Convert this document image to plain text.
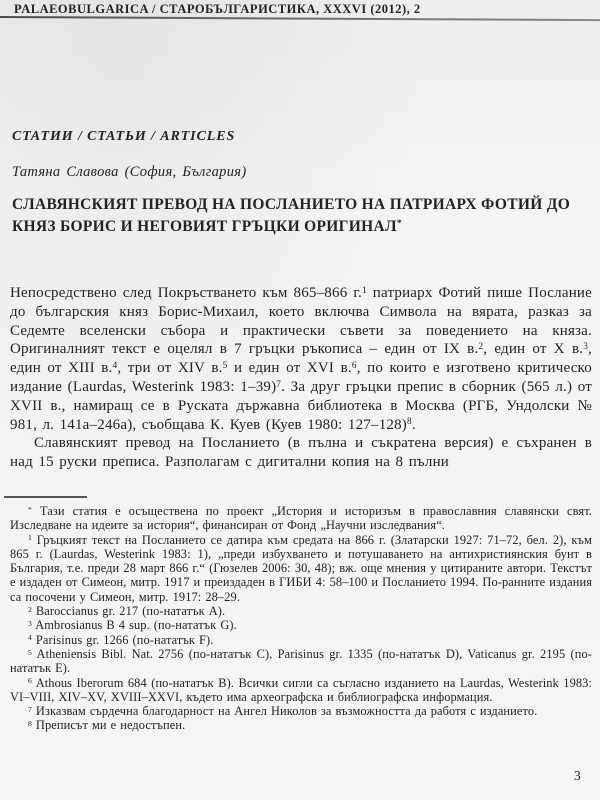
PALAEOBULGARICA / СТАРОБЪЛГАРИСТИКА, XXXVI (2012), 2
СТАТИИ / СТАТЬИ / ARTICLES
Татяна Славова (София, България)
СЛАВЯНСКИЯТ ПРЕВОД НА ПОСЛАНИЕТО НА ПАТРИАРХ ФОТИЙ ДО КНЯЗ БОРИС И НЕГОВИЯТ ГРЪЦКИ ОРИГИНАЛ*

Непосредствено след Покръстването към 865–866 г.$^1$ патриарх Фотий пише Послание до българския княз Борис-Михаил, което включва Символа на вярата, разказ за Седемте вселенски събора и практически съвети за поведението на княза. Оригиналният текст е оцелял в 7 гръцки ръкописа – един от IX в.$^2$, един от X в.$^3$, един от XIII в.$^4$, три от XIV в.$^5$ и един от XVI в.$^6$, по които е изготвено критическо издание (Laurdas, Westerink 1983: 1–39)$^7$. За друг гръцки препис в сборник (565 л.) от XVII в., намиращ се в Руската държавна библиотека в Москва (РГБ, Ундолски № 981, л. 141а–246а), съобщава К. Куев (Куев 1980: 127–128)$^8$.

Славянският превод на Посланието (в пълна и съкратена версия) е съхранен в над 15 руски преписа. Разполагам с дигитални копия на 8 пълни

* Тази статия е осъществена по проект „История и историзъм в православния славянски свят. Изследване на идеите за история“, финансиран от Фонд „Научни изследвания“.
$^1$ Гръцкият текст на Посланието се датира към средата на 866 г. (Златарски 1927: 71–72, бел. 2), към 865 г. (Laurdas, Westerink 1983: 1), „преди избухването и потушаването на антихристиянския бунт в България, т.е. преди 28 март 866 г.“ (Гюзелев 2006: 30, 48); вж. още мнения у цитираните автори. Текстът е издаден от Симеон, митр. 1917 и преиздаден в ГИБИ 4: 58–100 и Посланието 1994. По-ранните издания са посочени у Симеон, митр. 1917: 28–29.
$^2$ Baroccianus gr. 217 (по-нататък A).
$^3$ Ambrosianus B 4 sup. (по-нататък G).
$^4$ Parisinus gr. 1266 (по-нататък F).
$^5$ Atheniensis Bibl. Nat. 2756 (по-нататък C), Parisinus gr. 1335 (по-нататък D), Vaticanus gr. 2195 (по-нататък E).
$^6$ Athous Iberorum 684 (по-нататък B). Всички сигли са съгласно изданието на Laurdas, Westerink 1983: VI–VIII, XIV–XV, XVIII–XXVI, където има археографска и библиографска информация.
$^7$ Изказвам сърдечна благодарност на Ангел Николов за възможността да работя с изданието.
$^8$ Преписът ми е недостъпен.
3
